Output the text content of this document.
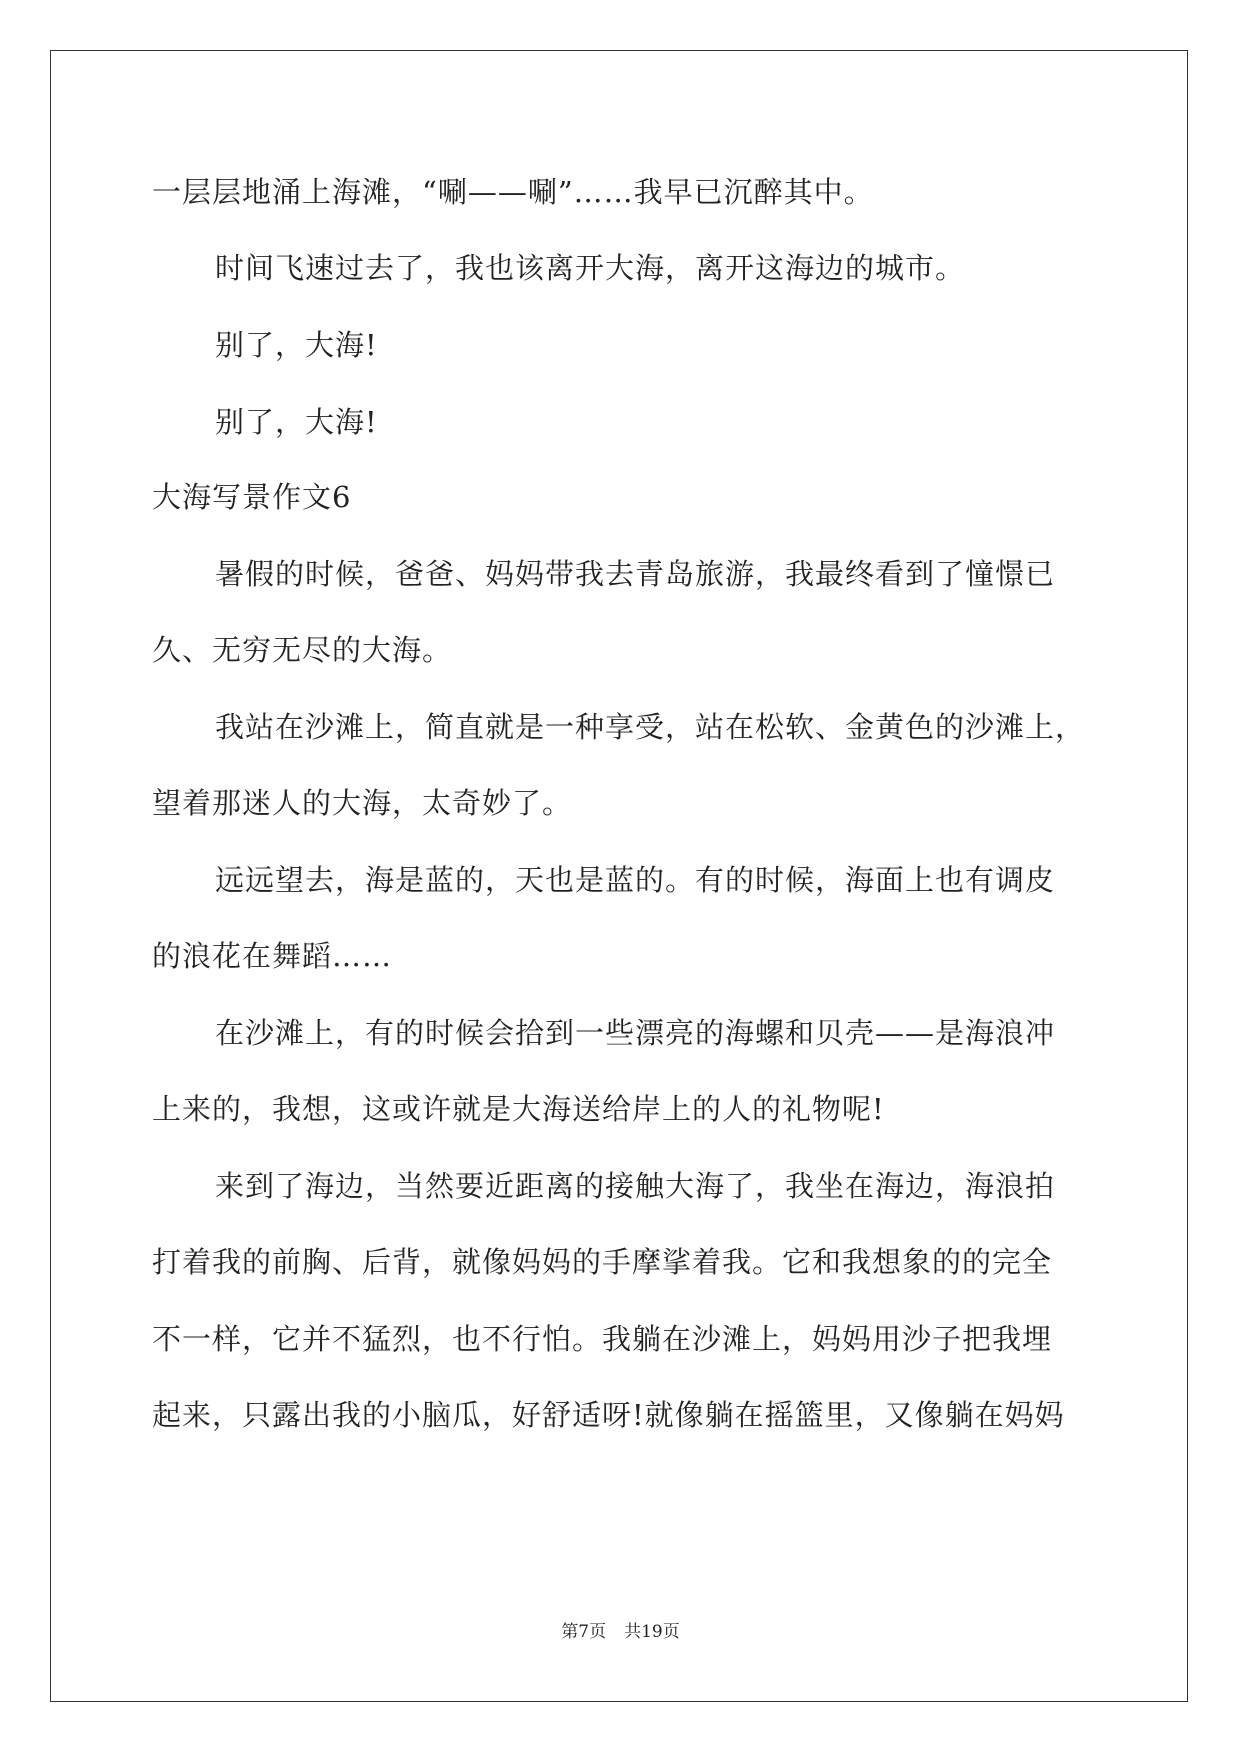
一层层地涌上海滩，“唰——唰”……我早已沉醉其中。
时间飞速过去了，我也该离开大海，离开这海边的城市。
别了，大海!
别了，大海!
大海写景作文6
暑假的时候，爸爸、妈妈带我去青岛旅游，我最终看到了憧憬已
久、无穷无尽的大海。
我站在沙滩上，简直就是一种享受，站在松软、金黄色的沙滩上，
望着那迷人的大海，太奇妙了。
远远望去，海是蓝的，天也是蓝的。有的时候，海面上也有调皮
的浪花在舞蹈……
在沙滩上，有的时候会拾到一些漂亮的海螺和贝壳——是海浪冲
上来的，我想，这或许就是大海送给岸上的人的礼物呢!
来到了海边，当然要近距离的接触大海了，我坐在海边，海浪拍
打着我的前胸、后背，就像妈妈的手摩挲着我。它和我想象的的完全
不一样，它并不猛烈，也不行怕。我躺在沙滩上，妈妈用沙子把我埋
起来，只露出我的小脑瓜，好舒适呀!就像躺在摇篮里，又像躺在妈妈
第7页 共19页
